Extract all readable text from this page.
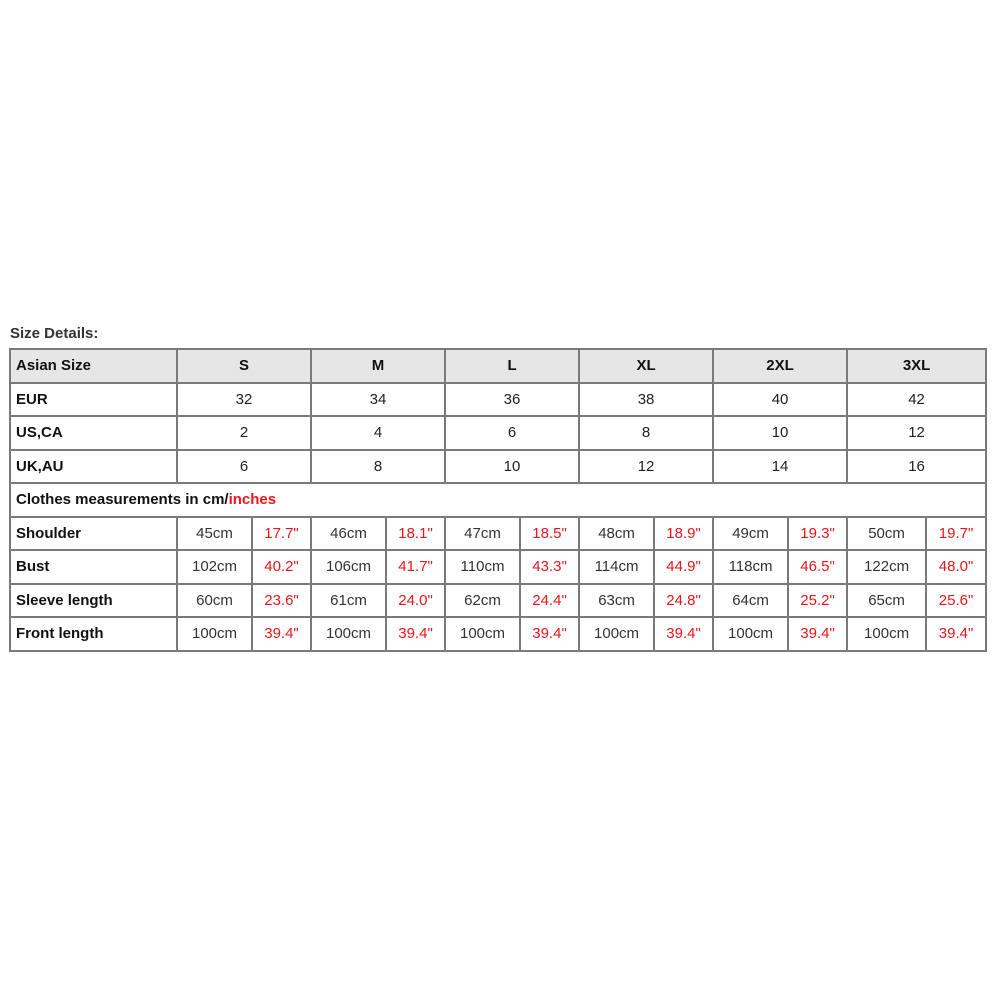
Size Details:
Asian Size	S		M		L		XL		2XL		3XL	
EUR	32		34		36		38		40		42	
US,CA	2		4		6		8		10		12	
UK,AU	6		8		10		12		14		16	
Clothes measurements in cm/inches												
Shoulder	45cm	17.7"	46cm	18.1"	47cm	18.5"	48cm	18.9"	49cm	19.3"	50cm	19.7"
Bust	102cm	40.2"	106cm	41.7"	110cm	43.3"	114cm	44.9"	118cm	46.5"	122cm	48.0"
Sleeve length	60cm	23.6"	61cm	24.0"	62cm	24.4"	63cm	24.8"	64cm	25.2"	65cm	25.6"
Front length	100cm	39.4"	100cm	39.4"	100cm	39.4"	100cm	39.4"	100cm	39.4"	100cm	39.4"
